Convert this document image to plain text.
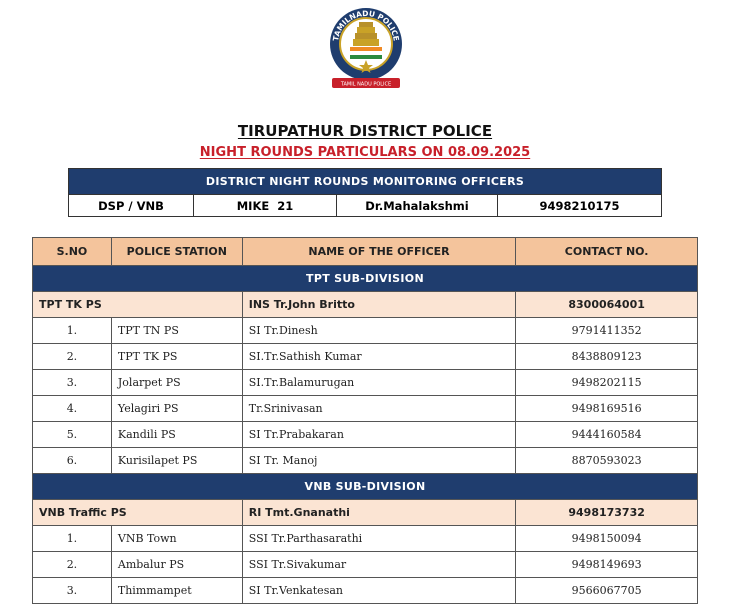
TAMILNADU POLICE
TAMIL NADU POLICE
TIRUPATHUR DISTRICT POLICE
NIGHT ROUNDS PARTICULARS ON 08.09.2025
DISTRICT NIGHT ROUNDS MONITORING OFFICERS
DSP / VNB	MIKE  21	Dr.Mahalakshmi	9498210175
S.NO	POLICE STATION	NAME OF THE OFFICER	CONTACT NO.
TPT SUB-DIVISION			
TPT TK PS		INS Tr.John Britto	8300064001
1.	TPT TN PS	SI Tr.Dinesh	9791411352
2.	TPT TK PS	SI.Tr.Sathish Kumar	8438809123
3.	Jolarpet PS	SI.Tr.Balamurugan	9498202115
4.	Yelagiri PS	Tr.Srinivasan	9498169516
5.	Kandili PS	SI Tr.Prabakaran	9444160584
6.	Kurisilapet PS	SI Tr. Manoj	8870593023
VNB SUB-DIVISION			
VNB Traffic PS		RI Tmt.Gnanathi	9498173732
1.	VNB Town	SSI Tr.Parthasarathi	9498150094
2.	Ambalur PS	SSI Tr.Sivakumar	9498149693
3.	Thimmampet	SI Tr.Venkatesan	9566067705
